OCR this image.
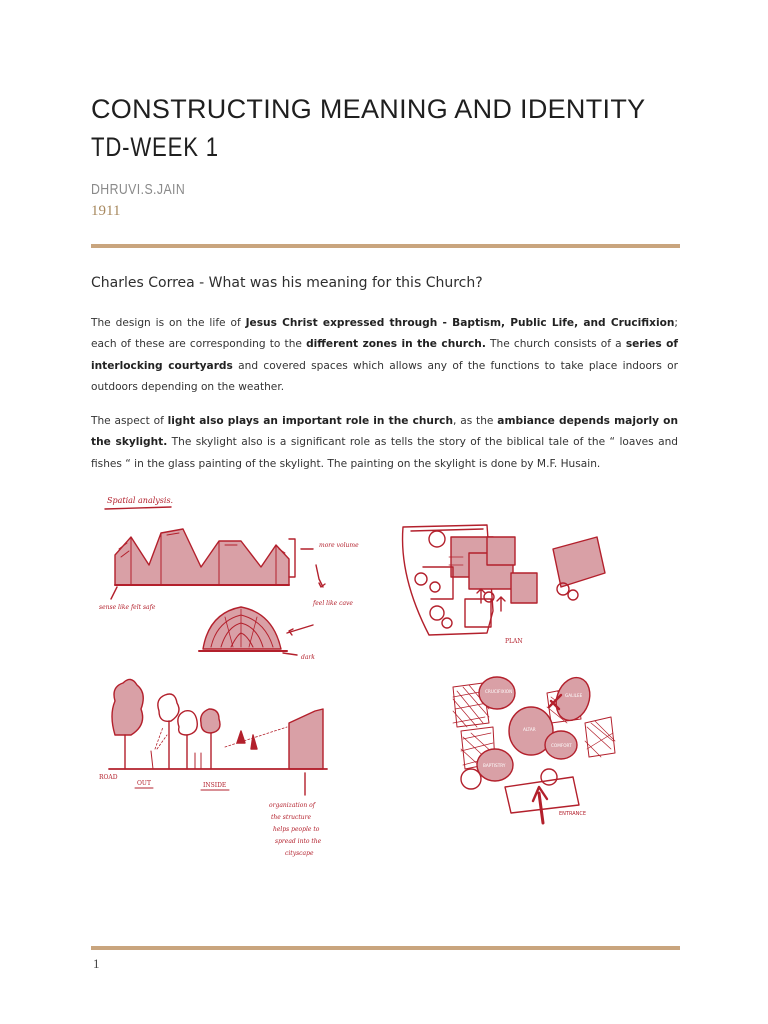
CONSTRUCTING MEANING AND IDENTITY
TD-WEEK 1
DHRUVI.S.JAIN
1911
Charles Correa - What was his meaning for this Church?
The design is on the life of Jesus Christ expressed through - Baptism, Public Life, and Crucifixion; each of these are corresponding to the different zones in the church. The church consists of a series of interlocking courtyards and covered spaces which allows any of the functions to take place indoors or outdoors depending on the weather.
The aspect of light also plays an important role in the church, as the ambiance depends majorly on the skylight. The skylight also is a significant role as tells the story of the biblical tale of the “ loaves and fishes “ in the glass painting of the skylight. The painting on the skylight is done by M.F. Husain.
Spatial analysis.
more volume
feel like cave
sense like felt safe
dark
PLAN
ROAD
OUT	INSIDE
organization of
the structure
helps people to
spread into the
cityscape
CRUCIFIXION
GALILEE
ALTAR
COMFORT
BAPTISTRY
ENTRANCE
1
